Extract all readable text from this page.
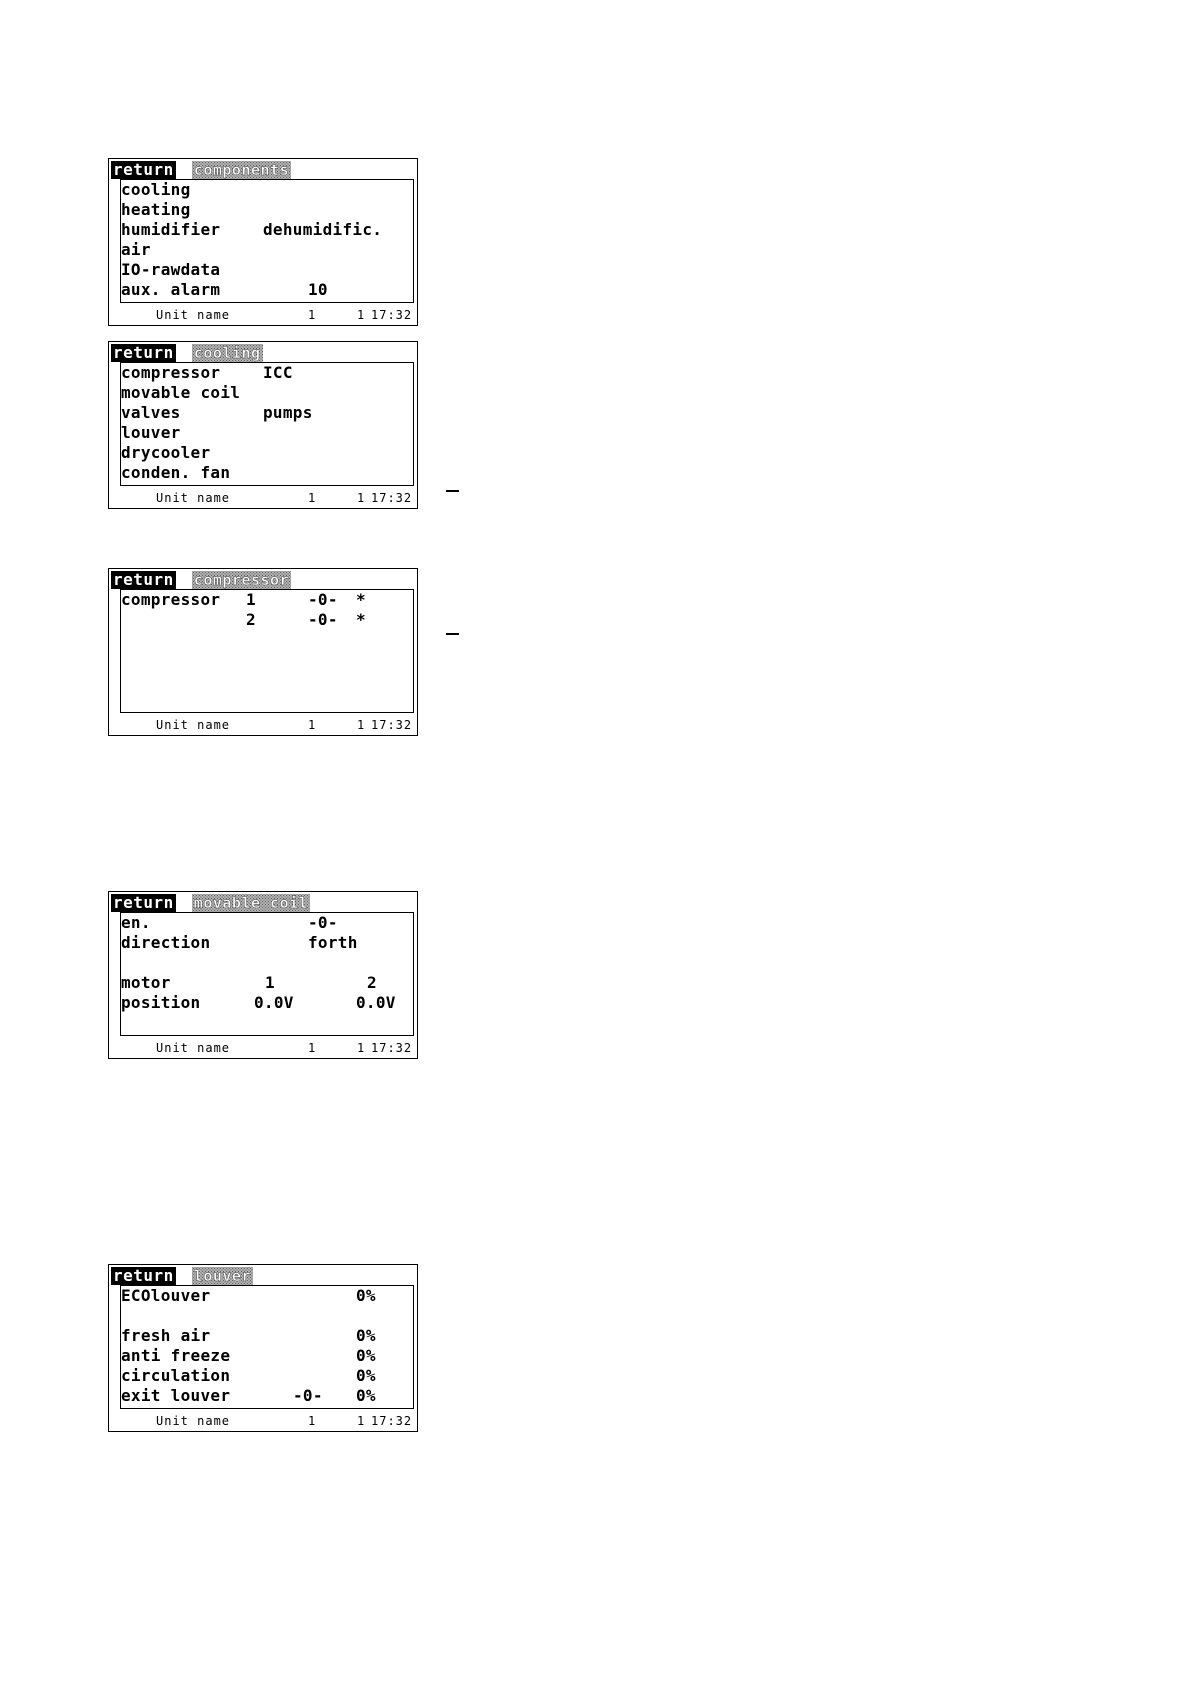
return components
cooling
heating
humidifier	dehumidific.
air
IO-rawdata
aux. alarm	10
Unit name	1	1 17:32
return cooling
compressor	ICC
movable coil
valves	pumps
louver
drycooler
conden. fan
Unit name	1	1 17:32
return compressor
compressor 1	-0- *
2	-0- *
Unit name	1	1 17:32
return movable coil
en.	-0-
direction	forth
motor	1	2
position	0.0V	0.0V
Unit name	1	1 17:32
return louver
ECOlouver	0%
fresh air	0%
anti freeze	0%
circulation	0%
exit louver	-0- 0%
Unit name	1	1 17:32
